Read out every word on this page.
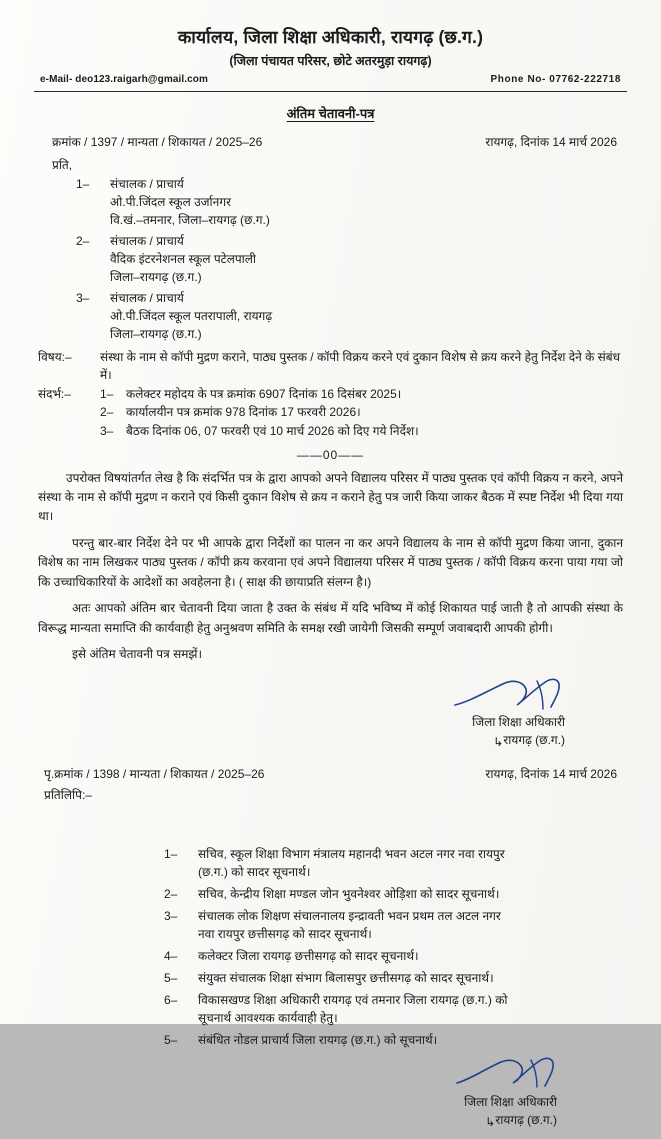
कार्यालय, जिला शिक्षा अधिकारी, रायगढ़ (छ.ग.)
(जिला पंचायत परिसर, छोटे अतरमुड़ा रायगढ़)
e-Mail- deo123.raigarh@gmail.com	Phone No- 07762-222718
अंतिम चेतावनी-पत्र
क्रमांक / 1397 / मान्यता / शिकायत / 2025–26	रायगढ़, दिनांक 14 मार्च 2026
प्रति,
1–	संचालक / प्राचार्य
ओ.पी.जिंदल स्कूल उर्जानगर
वि.खं.–तमनार, जिला–रायगढ़ (छ.ग.)
2–	संचालक / प्राचार्य
वैदिक इंटरनेशनल स्कूल पटेलपाली
जिला–रायगढ़ (छ.ग.)
3–	संचालक / प्राचार्य
ओ.पी.जिंदल स्कूल पतरापाली, रायगढ़
जिला–रायगढ़ (छ.ग.)
विषय:–	संस्था के नाम से कॉपी मुद्रण कराने, पाठ्य पुस्तक / कॉपी विक्रय करने एवं दुकान विशेष से क्रय करने हेतु निर्देश देने के संबंध में।
संदर्भ:–	1–	कलेक्टर महोदय के पत्र क्रमांक 6907 दिनांक 16 दिसंबर 2025।
2–	कार्यालयीन पत्र क्रमांक 978 दिनांक 17 फरवरी 2026।
3–	बैठक दिनांक 06, 07 फरवरी एवं 10 मार्च 2026 को दिए गये निर्देश।
——00——
उपरोक्त विषयांतर्गत लेख है कि संदर्भित पत्र के द्वारा आपको अपने विद्यालय परिसर में पाठ्य पुस्तक एवं कॉपी विक्रय न करने, अपने संस्था के नाम से कॉपी मुद्रण न कराने एवं किसी दुकान विशेष से क्रय न कराने हेतु पत्र जारी किया जाकर बैठक में स्पष्ट निर्देश भी दिया गया था।
परन्तु बार-बार निर्देश देने पर भी आपके द्वारा निर्देशों का पालन ना कर अपने विद्यालय के नाम से कॉपी मुद्रण किया जाना, दुकान विशेष का नाम लिखकर पाठ्य पुस्तक / कॉपी क्रय करवाना एवं अपने विद्यालया परिसर में पाठ्य पुस्तक / कॉपी विक्रय करना पाया गया जो कि उच्चाधिकारियों के आदेशों का अवहेलना है। ( साक्ष की छायाप्रति संलग्न है।)
अतः आपको अंतिम बार चेतावनी दिया जाता है उक्त के संबंध में यदि भविष्य में कोई शिकायत पाई जाती है तो आपकी संस्था के विरूद्ध मान्यता समाप्ति की कार्यवाही हेतु अनुश्रवण समिति के समक्ष रखी जायेगी जिसकी सम्पूर्ण जवाबदारी आपकी होगी।
इसे अंतिम चेतावनी पत्र समझें।
जिला शिक्षा अधिकारी
↳रायगढ़ (छ.ग.)
पृ.क्रमांक / 1398 / मान्यता / शिकायत / 2025–26	रायगढ़, दिनांक 14 मार्च 2026
प्रतिलिपि:–
1–	सचिव, स्कूल शिक्षा विभाग मंत्रालय महानदी भवन अटल नगर नवा रायपुर
(छ.ग.) को सादर सूचनार्थ।
2–	सचिव, केन्द्रीय शिक्षा मण्डल जोन भुवनेश्वर ओड़िशा को सादर सूचनार्थ।
3–	संचालक लोक शिक्षण संचालनालय इन्द्रावती भवन प्रथम तल अटल नगर
नवा रायपुर छत्तीसगढ़ को सादर सूचनार्थ।
4–	कलेक्टर जिला रायगढ़ छत्तीसगढ़ को सादर सूचनार्थ।
5–	संयुक्त संचालक शिक्षा संभाग बिलासपुर छत्तीसगढ़ को सादर सूचनार्थ।
6–	विकासखण्ड शिक्षा अधिकारी रायगढ़ एवं तमनार जिला रायगढ़ (छ.ग.) को
सूचनार्थ आवश्यक कार्यवाही हेतु।
5–	संबंधित नोडल प्राचार्य जिला रायगढ़ (छ.ग.) को सूचनार्थ।
जिला शिक्षा अधिकारी
↳रायगढ़ (छ.ग.)
